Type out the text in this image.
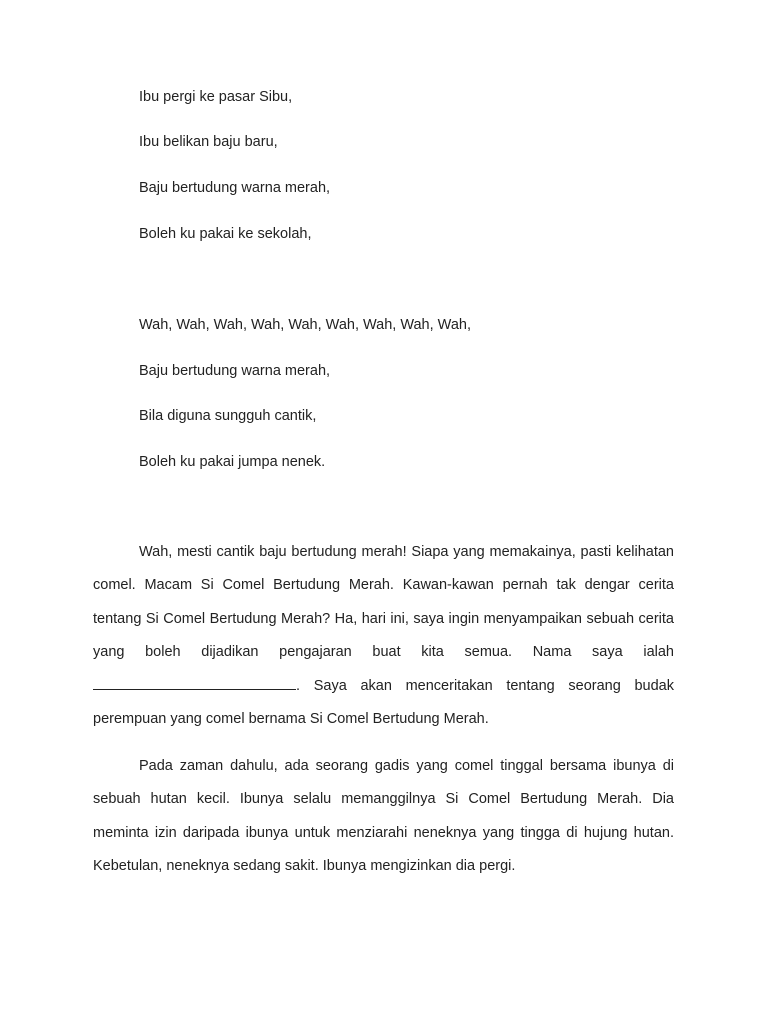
Ibu pergi ke pasar Sibu,
Ibu belikan baju baru,
Baju bertudung warna merah,
Boleh ku pakai ke sekolah,
Wah, Wah, Wah, Wah, Wah, Wah, Wah, Wah, Wah,
Baju bertudung warna merah,
Bila diguna sungguh cantik,
Boleh ku pakai jumpa nenek.

Wah, mesti cantik baju bertudung merah! Siapa yang memakainya, pasti kelihatan comel. Macam Si Comel Bertudung Merah. Kawan-kawan pernah tak dengar cerita tentang Si Comel Bertudung Merah? Ha, hari ini, saya ingin menyampaikan sebuah cerita yang boleh dijadikan pengajaran buat kita semua. Nama saya ialah . Saya akan menceritakan tentang seorang budak perempuan yang comel bernama Si Comel Bertudung Merah.

Pada zaman dahulu, ada seorang gadis yang comel tinggal bersama ibunya di sebuah hutan kecil. Ibunya selalu memanggilnya Si Comel Bertudung Merah. Dia meminta izin daripada ibunya untuk menziarahi neneknya yang tingga di hujung hutan. Kebetulan, neneknya sedang sakit. Ibunya mengizinkan dia pergi.
